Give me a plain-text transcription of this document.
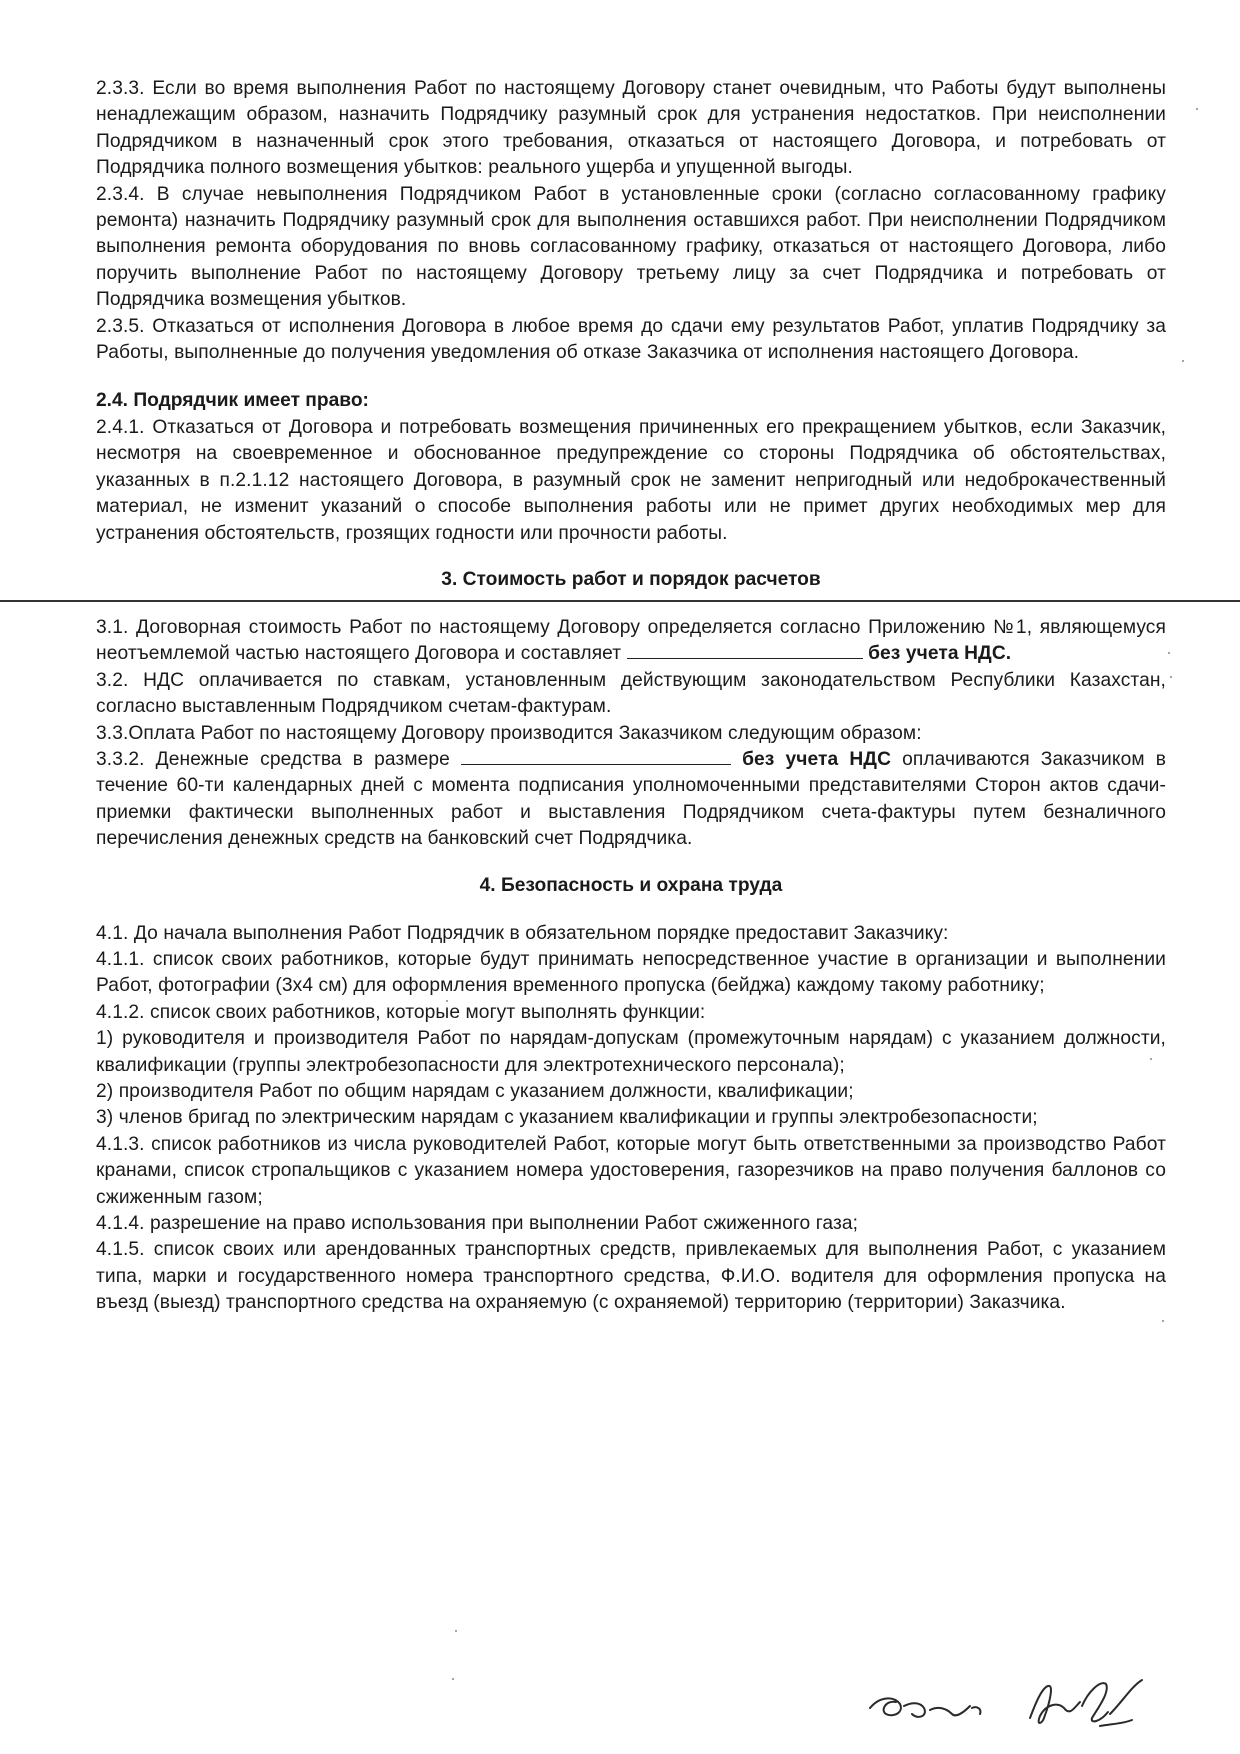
2.3.3. Если во время выполнения Работ по настоящему Договору станет очевидным, что Работы будут выполнены ненадлежащим образом, назначить Подрядчику разумный срок для устранения недостатков. При неисполнении Подрядчиком в назначенный срок этого требования, отказаться от настоящего Договора, и потребовать от Подрядчика полного возмещения убытков: реального ущерба и упущенной выгоды.

2.3.4. В случае невыполнения Подрядчиком Работ в установленные сроки (согласно согласованному графику ремонта) назначить Подрядчику разумный срок для выполнения оставшихся работ. При неисполнении Подрядчиком выполнения ремонта оборудования по вновь согласованному графику, отказаться от настоящего Договора, либо поручить выполнение Работ по настоящему Договору третьему лицу за счет Подрядчика и потребовать от Подрядчика возмещения убытков.

2.3.5. Отказаться от исполнения Договора в любое время до сдачи ему результатов Работ, уплатив Подрядчику за Работы, выполненные до получения уведомления об отказе Заказчика от исполнения настоящего Договора.

2.4. Подрядчик имеет право:

2.4.1. Отказаться от Договора и потребовать возмещения причиненных его прекращением убытков, если Заказчик, несмотря на своевременное и обоснованное предупреждение со стороны Подрядчика об обстоятельствах, указанных в п.2.1.12 настоящего Договора, в разумный срок не заменит непригодный или недоброкачественный материал, не изменит указаний о способе выполнения работы или не примет других необходимых мер для устранения обстоятельств, грозящих годности или прочности работы.

3. Стоимость работ и порядок расчетов

3.1. Договорная стоимость Работ по настоящему Договору определяется согласно Приложению №1, являющемуся неотъемлемой частью настоящего Договора и составляет	без учета НДС.

3.2. НДС оплачивается по ставкам, установленным действующим законодательством Республики Казахстан, согласно выставленным Подрядчиком счетам-фактурам.

3.3.Оплата Работ по настоящему Договору производится Заказчиком следующим образом:

3.3.2. Денежные средства в размере	без учета НДС оплачиваются Заказчиком в течение 60-ти календарных дней с момента подписания уполномоченными представителями Сторон актов сдачи-приемки фактически выполненных работ и выставления Подрядчиком счета-фактуры путем безналичного перечисления денежных средств на банковский счет Подрядчика.

4. Безопасность и охрана труда

4.1. До начала выполнения Работ Подрядчик в обязательном порядке предоставит Заказчику:

4.1.1. список своих работников, которые будут принимать непосредственное участие в организации и выполнении Работ, фотографии (3х4 см) для оформления временного пропуска (бейджа) каждому такому работнику;

4.1.2. список своих работников, которые могут выполнять функции:

1) руководителя и производителя Работ по нарядам-допускам (промежуточным нарядам) с указанием должности, квалификации (группы электробезопасности для электротехнического персонала);

2) производителя Работ по общим нарядам с указанием должности, квалификации;

3) членов бригад по электрическим нарядам с указанием квалификации и группы электробезопасности;

4.1.3. список работников из числа руководителей Работ, которые могут быть ответственными за производство Работ кранами, список стропальщиков с указанием номера удостоверения, газорезчиков на право получения баллонов со сжиженным газом;

4.1.4. разрешение на право использования при выполнении Работ сжиженного газа;

4.1.5. список своих или арендованных транспортных средств, привлекаемых для выполнения Работ, с указанием типа, марки и государственного номера транспортного средства, Ф.И.О. водителя для оформления пропуска на въезд (выезд) транспортного средства на охраняемую (с охраняемой) территорию (территории) Заказчика.
